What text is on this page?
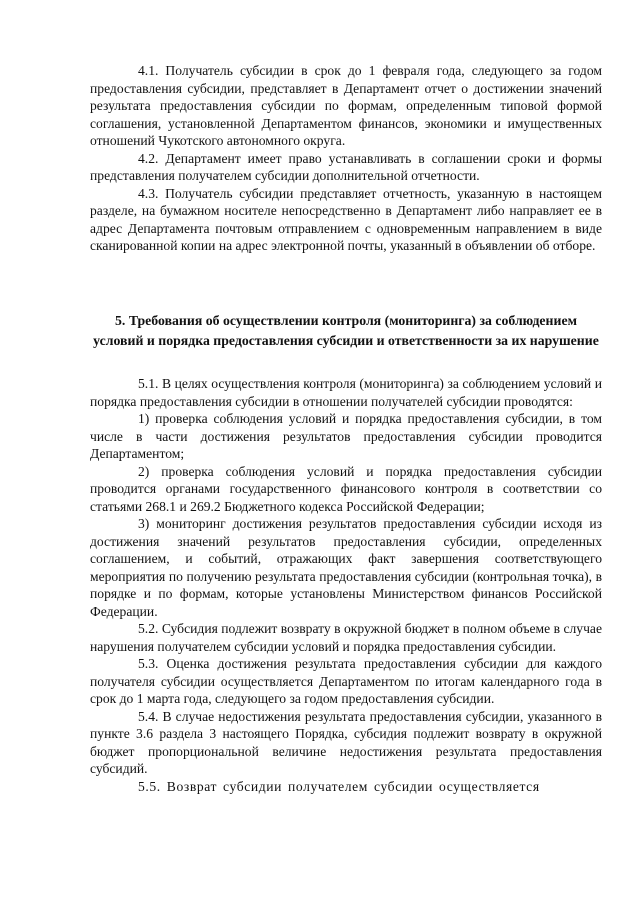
4.1. Получатель субсидии в срок до 1 февраля года, следующего за годом предоставления субсидии, представляет в Департамент отчет о достижении значений результата предоставления субсидии по формам, определенным типовой формой соглашения, установленной Департаментом финансов, экономики и имущественных отношений Чукотского автономного округа.

4.2. Департамент имеет право устанавливать в соглашении сроки и формы представления получателем субсидии дополнительной отчетности.

4.3. Получатель субсидии представляет отчетность, указанную в настоящем разделе, на бумажном носителе непосредственно в Департамент либо направляет ее в адрес Департамента почтовым отправлением с одновременным направлением в виде сканированной копии на адрес электронной почты, указанный в объявлении об отборе.

5. Требования об осуществлении контроля (мониторинга) за соблюдением условий и порядка предоставления субсидии и ответственности за их нарушение

5.1. В целях осуществления контроля (мониторинга) за соблюдением условий и порядка предоставления субсидии в отношении получателей субсидии проводятся:

1) проверка соблюдения условий и порядка предоставления субсидии, в том числе в части достижения результатов предоставления субсидии проводится Департаментом;

2) проверка соблюдения условий и порядка предоставления субсидии проводится органами государственного финансового контроля в соответствии со статьями 268.1 и 269.2 Бюджетного кодекса Российской Федерации;

3) мониторинг достижения результатов предоставления субсидии исходя из достижения значений результатов предоставления субсидии, определенных соглашением, и событий, отражающих факт завершения соответствующего мероприятия по получению результата предоставления субсидии (контрольная точка), в порядке и по формам, которые установлены Министерством финансов Российской Федерации.

5.2. Субсидия подлежит возврату в окружной бюджет в полном объеме в случае нарушения получателем субсидии условий и порядка предоставления субсидии.

5.3. Оценка достижения результата предоставления субсидии для каждого получателя субсидии осуществляется Департаментом по итогам календарного года в срок до 1 марта года, следующего за годом предоставления субсидии.

5.4. В случае недостижения результата предоставления субсидии, указанного в пункте 3.6 раздела 3 настоящего Порядка, субсидия подлежит возврату в окружной бюджет пропорциональной величине недостижения результата предоставления субсидий.

5.5. Возврат субсидии получателем субсидии осуществляется
